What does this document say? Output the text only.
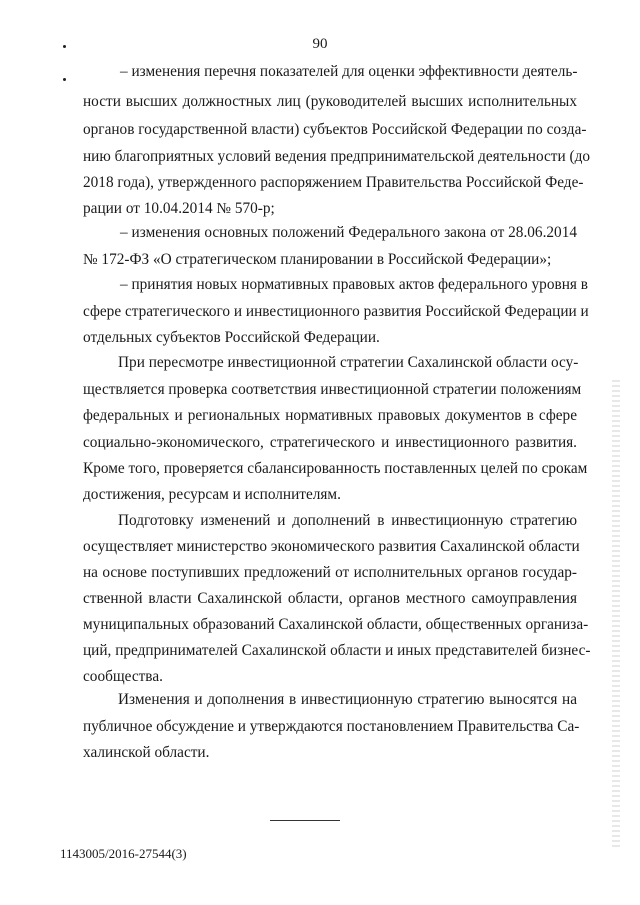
90
– изменения перечня показателей для оценки эффективности деятель-
ности высших должностных лиц (руководителей высших исполнительных
органов государственной власти) субъектов Российской Федерации по созда-
нию благоприятных условий ведения предпринимательской деятельности (до
2018 года), утвержденного распоряжением Правительства Российской Феде-
рации от 10.04.2014 № 570-р;
– изменения основных положений Федерального закона от 28.06.2014
№ 172-ФЗ «О стратегическом планировании в Российской Федерации»;
– принятия новых нормативных правовых актов федерального уровня в
сфере стратегического и инвестиционного развития Российской Федерации и
отдельных субъектов Российской Федерации.
При пересмотре инвестиционной стратегии Сахалинской области осу-
ществляется проверка соответствия инвестиционной стратегии положениям
федеральных и региональных нормативных правовых документов в сфере
социально-экономического, стратегического и инвестиционного развития.
Кроме того, проверяется сбалансированность поставленных целей по срокам
достижения, ресурсам и исполнителям.
Подготовку изменений и дополнений в инвестиционную стратегию
осуществляет министерство экономического развития Сахалинской области
на основе поступивших предложений от исполнительных органов государ-
ственной власти Сахалинской области, органов местного самоуправления
муниципальных образований Сахалинской области, общественных организа-
ций, предпринимателей Сахалинской области и иных представителей бизнес-
сообщества.
Изменения и дополнения в инвестиционную стратегию выносятся на
публичное обсуждение и утверждаются постановлением Правительства Са-
халинской области.
1143005/2016-27544(3)
